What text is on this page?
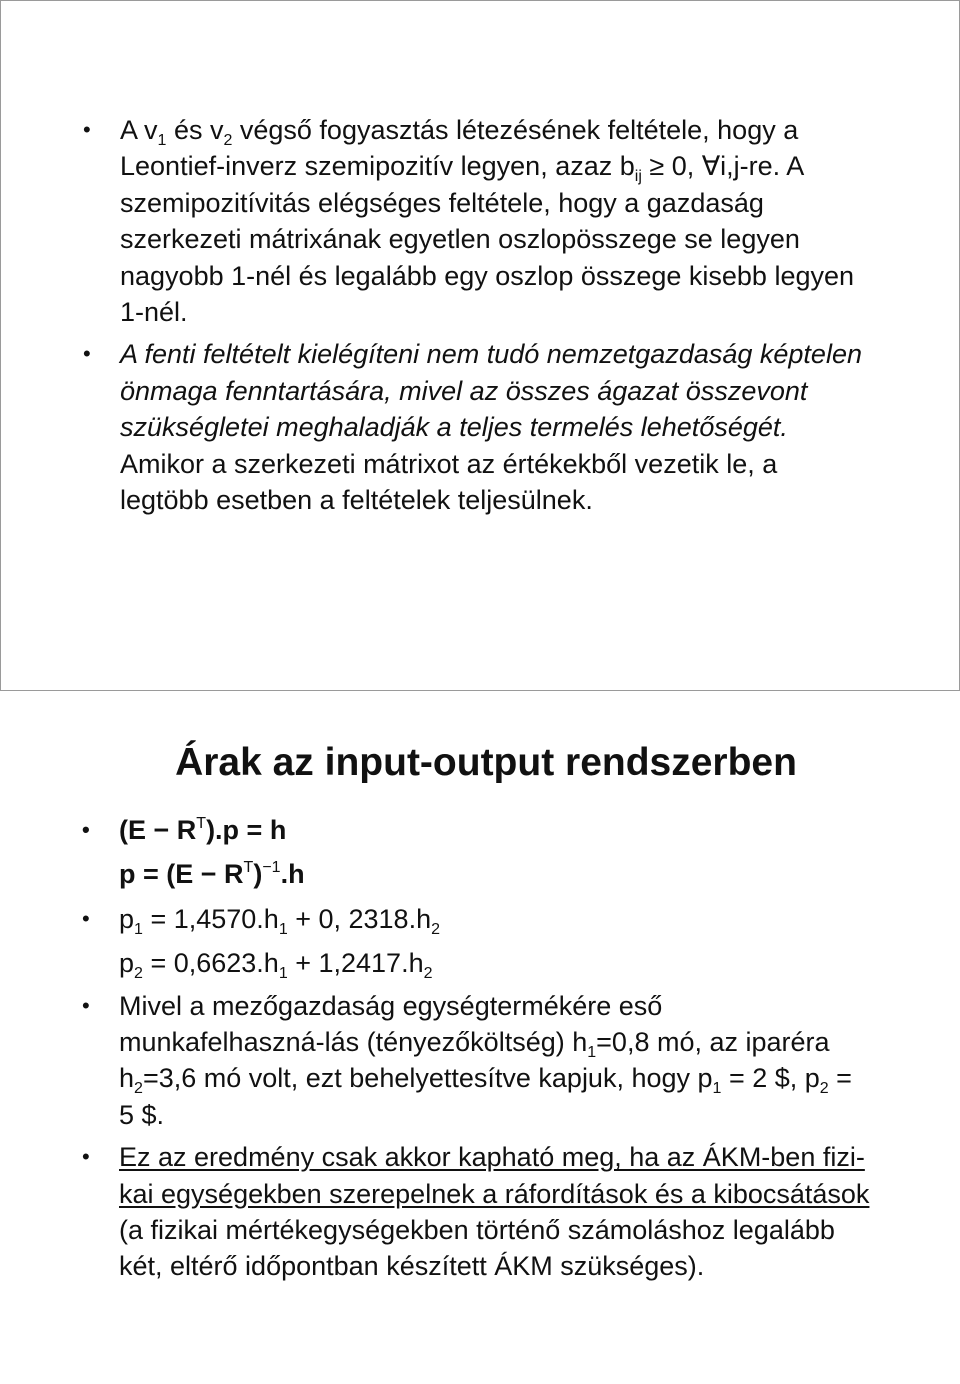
• A $v_1$ és $v_2$ végső fogyasztás létezésének feltétele, hogy a Leontief-inverz szemipozitív legyen, azaz $b_{ij} \ge 0$, ∀i,j-re. A szemipozitívitás elégséges feltétele, hogy a gazdaság szerkezeti mátrixának egyetlen oszlopösszege se legyen nagyobb 1-nél és legalább egy oszlop összege kisebb legyen 1-nél.
• A fenti feltételt kielégíteni nem tudó nemzetgazdaság képtelen önmaga fenntartására, mivel az összes ágazat összevont szükségletei meghaladják a teljes termelés lehetőségét. Amikor a szerkezeti mátrixot az értékekből vezetik le, a legtöbb esetben a feltételek teljesülnek.
Árak az input-output rendszerben
• $(E - R^T).p = h$
$p = (E - R^T)^{-1}.h$
• $p_1 = 1,4570.h_1 + 0$, $2318.h_2$
$p_2 = 0,6623.h_1 + 1,2417.h_2$
• Mivel a mezőgazdaság egységtermékére eső munkafelhaszná-lás (tényezőköltség) $h_1=0,8$ mó, az iparéra $h_2=3,6$ mó volt, ezt behelyettesítve kapjuk, hogy $p_1 = 2$ $, $p_2 = 5$ $.
• Ez az eredmény csak akkor kapható meg, ha az ÁKM-ben fizi-kai egységekben szerepelnek a ráfordítások és a kibocsátások (a fizikai mértékegységekben történő számoláshoz legalább két, eltérő időpontban készített ÁKM szükséges).
